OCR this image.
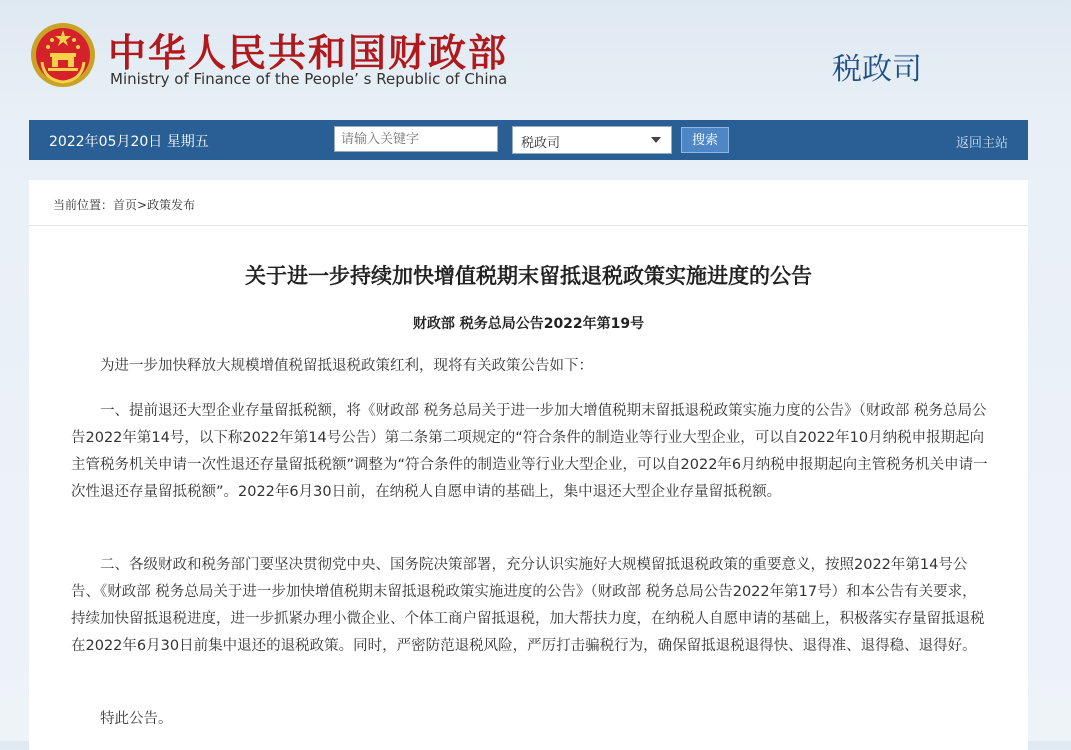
中华人民共和国财政部
Ministry of Finance of the People’ s Republic of China	税政司
2022年05月20日 星期五
请输入关键字	税政司	搜索	返回主站
当前位置：首页>政策发布
关于进一步持续加快增值税期末留抵退税政策实施进度的公告
财政部 税务总局公告2022年第19号
为进一步加快释放大规模增值税留抵退税政策红利，现将有关政策公告如下：
一、提前退还大型企业存量留抵税额，将《财政部 税务总局关于进一步加大增值税期末留抵退税政策实施力度的公告》（财政部 税务总局公告2022年第14号，以下称2022年第14号公告）第二条第二项规定的“符合条件的制造业等行业大型企业，可以自2022年10月纳税申报期起向主管税务机关申请一次性退还存量留抵税额”调整为“符合条件的制造业等行业大型企业，可以自2022年6月纳税申报期起向主管税务机关申请一次性退还存量留抵税额”。2022年6月30日前，在纳税人自愿申请的基础上，集中退还大型企业存量留抵税额。
二、各级财政和税务部门要坚决贯彻党中央、国务院决策部署，充分认识实施好大规模留抵退税政策的重要意义，按照2022年第14号公告、《财政部 税务总局关于进一步加快增值税期末留抵退税政策实施进度的公告》（财政部 税务总局公告2022年第17号）和本公告有关要求，持续加快留抵退税进度，进一步抓紧办理小微企业、个体工商户留抵退税，加大帮扶力度，在纳税人自愿申请的基础上，积极落实存量留抵退税在2022年6月30日前集中退还的退税政策。同时，严密防范退税风险，严厉打击骗税行为，确保留抵退税退得快、退得准、退得稳、退得好。
特此公告。
